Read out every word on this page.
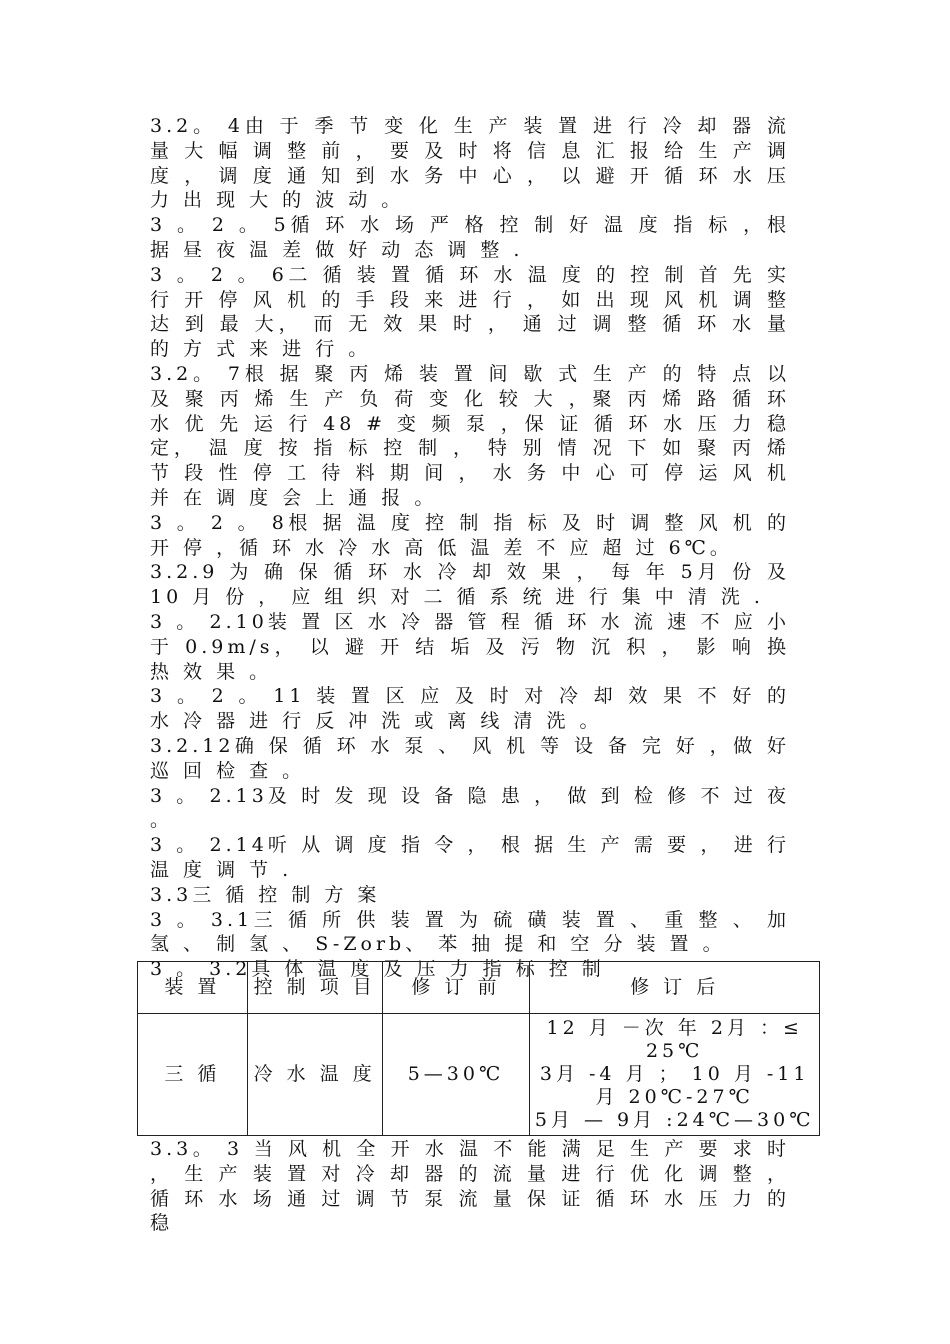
3.2。 4由 于 季 节 变 化 生 产 装 置 进 行 冷 却 器 流 量 大 幅 调 整 前 ， 要 及 时 将 信 息 汇 报 给 生 产 调 度 ， 调 度 通 知 到 水 务 中 心 ， 以 避 开 循 环 水 压 力 出 现 大 的 波 动 。

3 。 2 。 5循 环 水 场 严 格 控 制 好 温 度 指 标 ，根 据 昼 夜 温 差 做 好 动 态 调 整 .

3 。 2 。 6二 循 装 置 循 环 水 温 度 的 控 制 首 先 实 行 开 停 风 机 的 手 段 来 进 行 ， 如 出 现 风 机 调 整 达 到 最 大， 而 无 效 果 时 ， 通 过 调 整 循 环 水 量 的 方 式 来 进 行 。

3.2。 7根 据 聚 丙 烯 装 置 间 歇 式 生 产 的 特 点 以 及 聚 丙 烯 生 产 负 荷 变 化 较 大 ，聚 丙 烯 路 循 环 水 优 先 运 行 48 # 变 频 泵 ，保 证 循 环 水 压 力 稳 定， 温 度 按 指 标 控 制 ， 特 别 情 况 下 如 聚 丙 烯 节 段 性 停 工 待 料 期 间 ， 水 务 中 心 可 停 运 风 机 并 在 调 度 会 上 通 报 。

3 。 2 。 8根 据 温 度 控 制 指 标 及 时 调 整 风 机 的 开 停 ，循 环 水 冷 水 高 低 温 差 不 应 超 过 6℃。

3.2.9 为 确 保 循 环 水 冷 却 效 果 ， 每 年 5月 份 及 10 月 份 ， 应 组 织 对 二 循 系 统 进 行 集 中 清 洗 .

3 。 2.10装 置 区 水 冷 器 管 程 循 环 水 流 速 不 应 小 于 0.9m/s， 以 避 开 结 垢 及 污 物 沉 积 ， 影 响 换 热 效 果 。

3 。 2 。 11 装 置 区 应 及 时 对 冷 却 效 果 不 好 的 水 冷 器 进 行 反 冲 洗 或 离 线 清 洗 。

3.2.12确 保 循 环 水 泵 、 风 机 等 设 备 完 好 ，做 好 巡 回 检 查 。

3 。 2.13及 时 发 现 设 备 隐 患 ， 做 到 检 修 不 过 夜 。

3 。 2.14听 从 调 度 指 令 ， 根 据 生 产 需 要 ， 进 行 温 度 调 节 .

3.3三 循 控 制 方 案

3 。 3.1三 循 所 供 装 置 为 硫 磺 装 置 、 重 整 、 加 氢 、 制 氢 、 S-Zorb、 苯 抽 提 和 空 分 装 置 。

3 。 3.2具 体 温 度 及 压 力 指 标 控 制

装 置	控 制 项 目	修 订 前	修 订 后
三 循	冷 水 温 度	5—30℃	12 月 －次 年 2月 ：≤ 25℃
3月 -4 月 ； 10 月 -11 月 20℃-27℃
5月 — 9月 :24℃—30℃

3.3。 3 当 风 机 全 开 水 温 不 能 满 足 生 产 要 求 时 ， 生 产 装 置 对 冷 却 器 的 流 量 进 行 优 化 调 整 ， 循 环 水 场 通 过 调 节 泵 流 量 保 证 循 环 水 压 力 的 稳
